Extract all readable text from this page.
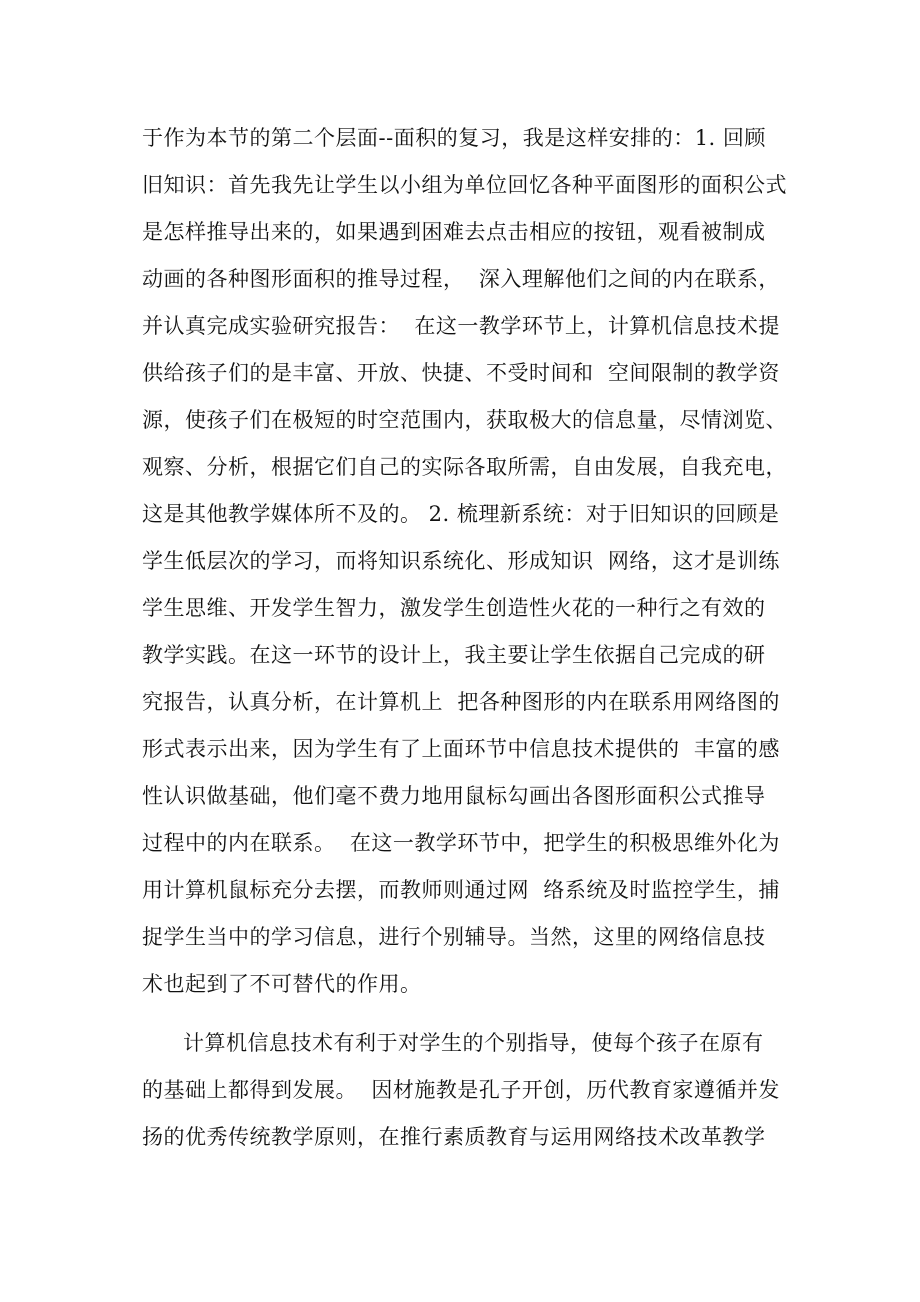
于作为本节的第二个层面--面积的复习，我是这样安排的：1. 回顾

旧知识：首先我先让学生以小组为单位回忆各种平面图形的面积公式

是怎样推导出来的，如果遇到困难去点击相应的按钮，观看被制成

动画的各种图形面积的推导过程，  深入理解他们之间的内在联系，

并认真完成实验研究报告：  在这一教学环节上，计算机信息技术提

供给孩子们的是丰富、开放、快捷、不受时间和  空间限制的教学资

源，使孩子们在极短的时空范围内，获取极大的信息量，尽情浏览、

观察、分析，根据它们自己的实际各取所需，自由发展，自我充电，

这是其他教学媒体所不及的。 2. 梳理新系统：对于旧知识的回顾是

学生低层次的学习，而将知识系统化、形成知识  网络，这才是训练

学生思维、开发学生智力，激发学生创造性火花的一种行之有效的

教学实践。在这一环节的设计上，我主要让学生依据自己完成的研

究报告，认真分析，在计算机上  把各种图形的内在联系用网络图的

形式表示出来，因为学生有了上面环节中信息技术提供的  丰富的感

性认识做基础，他们毫不费力地用鼠标勾画出各图形面积公式推导

过程中的内在联系。  在这一教学环节中，把学生的积极思维外化为

用计算机鼠标充分去摆，而教师则通过网  络系统及时监控学生，捕

捉学生当中的学习信息，进行个别辅导。当然，这里的网络信息技

术也起到了不可替代的作用。

计算机信息技术有利于对学生的个别指导，使每个孩子在原有

的基础上都得到发展。  因材施教是孔子开创，历代教育家遵循并发

扬的优秀传统教学原则，在推行素质教育与运用网络技术改革教学
